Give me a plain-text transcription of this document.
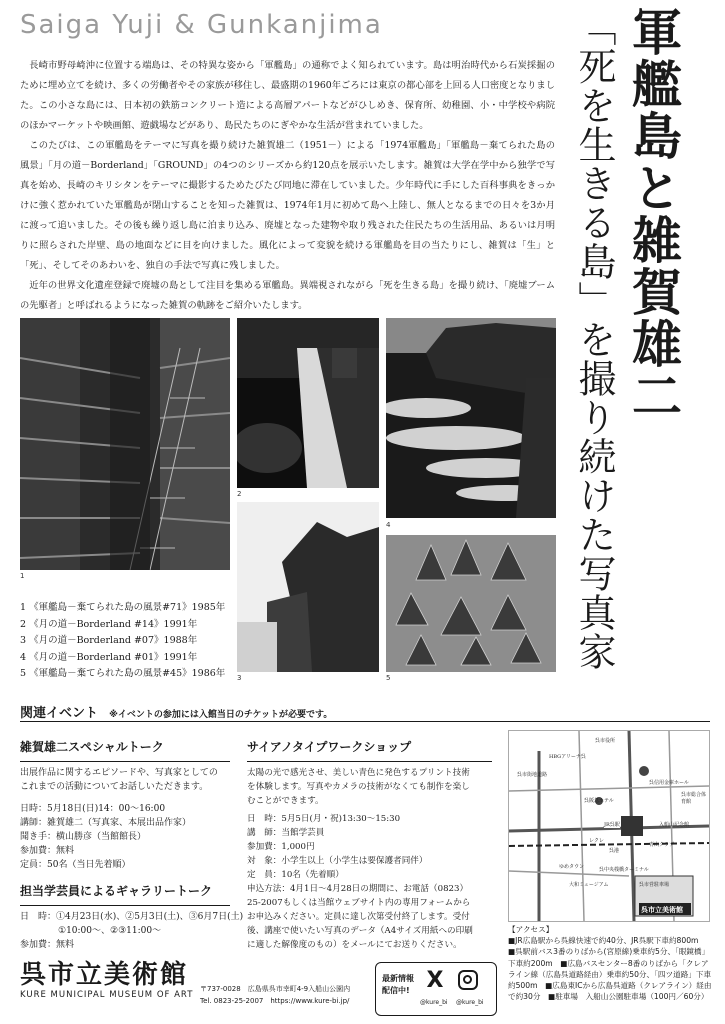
Saiga Yuji & Gunkanjima	軍艦島と雑賀雄二
「死を生きる島」を撮り続けた写真家

長崎市野母崎沖に位置する端島は、その特異な姿から「軍艦島」の通称でよく知られています。島は明治時代から石炭採掘のために埋め立てを続け、多くの労働者やその家族が移住し、最盛期の1960年ごろには東京の都心部を上回る人口密度となりました。この小さな島には、日本初の鉄筋コンクリート造による高層アパートなどがひしめき、保育所、幼稚園、小・中学校や病院のほかマーケットや映画館、遊戯場などがあり、島民たちのにぎやかな生活が営まれていました。

このたびは、この軍艦島をテーマに写真を撮り続けた雑賀雄二（1951－）による「1974軍艦島」「軍艦島－棄てられた島の風景」「月の道－Borderland」「GROUND」の4つのシリーズから約120点を展示いたします。雑賀は大学在学中から独学で写真を始め、長崎のキリシタンをテーマに撮影するためたびたび同地に滞在していました。少年時代に手にした百科事典をきっかけに強く惹かれていた軍艦島が閉山することを知った雑賀は、1974年1月に初めて島へ上陸し、無人となるまでの日々を3か月に渡って追いました。その後も繰り返し島に泊まり込み、廃墟となった建物や取り残された住民たちの生活用品、あるいは月明りに照らされた岸壁、島の地面などに目を向けました。風化によって変貌を続ける軍艦島を目の当たりにし、雑賀は「生」と「死」、そしてそのあわいを、独自の手法で写真に残しました。

近年の世界文化遺産登録で廃墟の島として注目を集める軍艦島。異端視されながら「死を生きる島」を撮り続け、「廃墟ブームの先駆者」と呼ばれるようになった雑賀の軌跡をご紹介いたします。

1
2
3
4
5
1 《軍艦島－棄てられた島の風景#71》1985年
2 《月の道－Borderland #14》1991年
3 《月の道－Borderland #07》1988年
4 《月の道－Borderland #01》1991年
5 《軍艦島－棄てられた島の風景#45》1986年
関連イベント ※イベントの参加には入館当日のチケットが必要です。
雑賀雄二スペシャルトーク
出展作品に関するエピソードや、写真家としての
これまでの活動についてお話しいただきます。
日時：5月18日(日)14：00～16:00
講師：雑賀雄二（写真家、本展出品作家）
聞き手：横山勝彦（当館館長）
参加費：無料
定員：50名（当日先着順）
担当学芸員によるギャラリートーク
日　時：①4月23日(水)、②5月3日(土)、③6月7日(土)
①10:00～、②③11:00～
参加費：無料
サイアノタイプワークショップ
太陽の光で感光させ、美しい青色に発色するプリント技術
を体験します。写真やカメラの技術がなくても制作を楽し
むことができます。
日　時：5月5日(月・祝)13:30～15:30
講　師：当館学芸員
参加費：1,000円
対　象：小学生以上（小学生は要保護者同伴）
定　員：10名（先着順）
申込方法：4月1日～4月28日の期間に、お電話（0823）
25-2007もしくは当館ウェブサイト内の専用フォームから
お申込みください。定員に達し次第受付終了します。受付
後、講座で使いたい写真のデータ（A4サイズ用紙への印刷
に適した解像度のもの）をメールにてお送りください。
呉市役所
JR呉駅
呉信用金庫ホール
呉港
入船山記念館
呉市立美術館
大和ミュージアム
呉中央桟橋ターミナル
呉市営駐車場
ゆめタウン
レクレ
青山クラブ
呉阪急ホテル
呉市総合体育館
HBGアリーナ呉
呉市街地道路
【アクセス】
■JR広島駅から呉線快速で約40分、JR呉駅下車約800m
■呉駅前バス3番のりばから(宮原線)乗車約5分、「眼鏡橋」
下車約200m　■広島バスセンター8番のりばから「クレア
ライン線（広島呉道路経由）乗車約50分、「四ツ道路」下車
約500m　■広島東ICから広島呉道路（クレアライン）経由
で約30分　■駐車場　入船山公園駐車場（100円／60分）
呉市立美術館
KURE MUNICIPAL MUSEUM OF ART
〒737-0028　広島県呉市幸町4-9入船山公園内
Tel. 0823-25-2007　https://www.kure-bi.jp/
最新情報配信中! X
@kure_bi @kure_bi
